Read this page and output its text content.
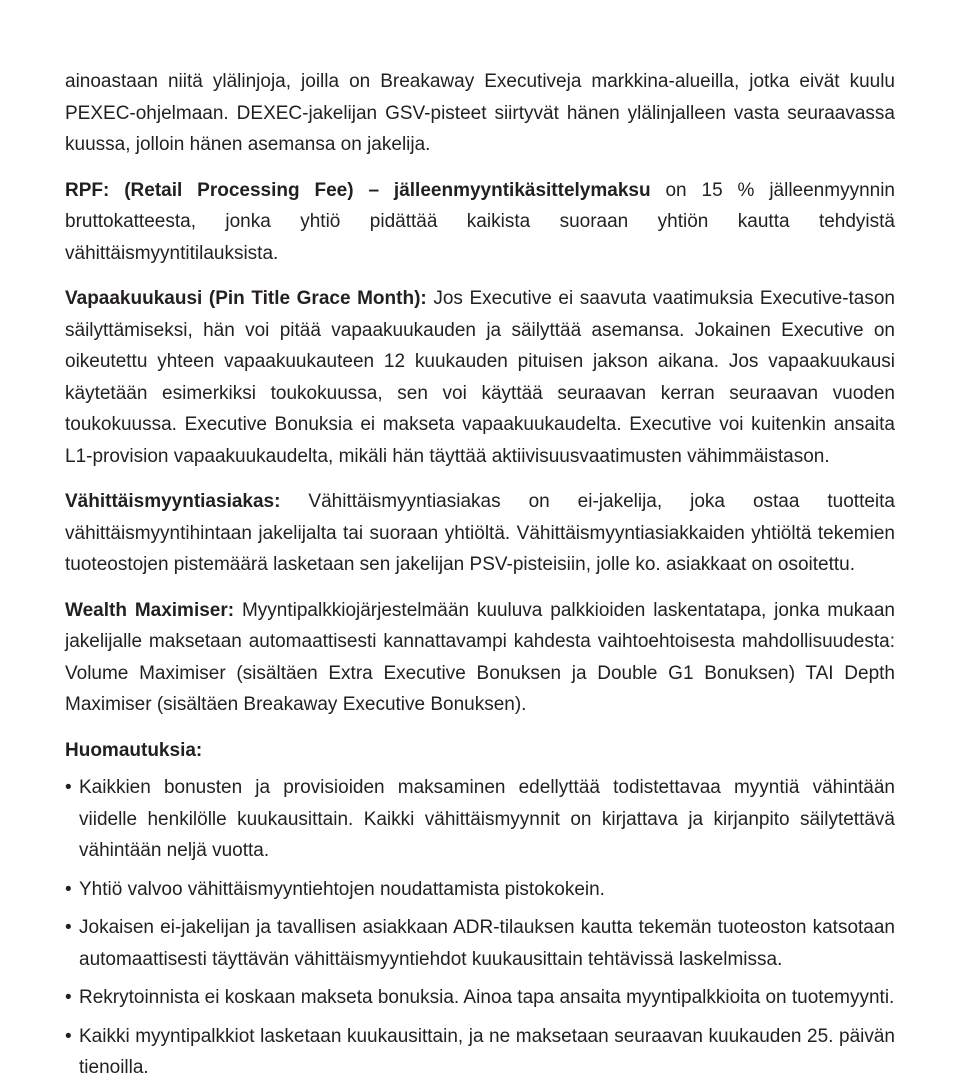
ainoastaan niitä ylälinjoja, joilla on Breakaway Executiveja markkina-alueilla, jotka eivät kuulu PEXEC-ohjelmaan. DEXEC-jakelijan GSV-pisteet siirtyvät hänen ylälinjalleen vasta seuraavassa kuussa, jolloin hänen asemansa on jakelija.

RPF: (Retail Processing Fee) – jälleenmyyntikäsittelymaksu on 15 % jälleenmyynnin bruttokatteesta, jonka yhtiö pidättää kaikista suoraan yhtiön kautta tehdyistä vähittäismyyntitilauksista.

Vapaakuukausi (Pin Title Grace Month): Jos Executive ei saavuta vaatimuksia Executive-tason säilyttämiseksi, hän voi pitää vapaakuukauden ja säilyttää asemansa. Jokainen Executive on oikeutettu yhteen vapaakuukauteen 12 kuukauden pituisen jakson aikana. Jos vapaakuukausi käytetään esimerkiksi toukokuussa, sen voi käyttää seuraavan kerran seuraavan vuoden toukokuussa. Executive Bonuksia ei makseta vapaakuukaudelta. Executive voi kuitenkin ansaita L1-provision vapaakuukaudelta, mikäli hän täyttää aktiivisuusvaatimusten vähimmäistason.

Vähittäismyyntiasiakas: Vähittäismyyntiasiakas on ei-jakelija, joka ostaa tuotteita vähittäismyyntihintaan jakelijalta tai suoraan yhtiöltä. Vähittäismyyntiasiakkaiden yhtiöltä tekemien tuoteostojen pistemäärä lasketaan sen jakelijan PSV-pisteisiin, jolle ko. asiakkaat on osoitettu.

Wealth Maximiser: Myyntipalkkiojärjestelmään kuuluva palkkioiden laskentatapa, jonka mukaan jakelijalle maksetaan automaattisesti kannattavampi kahdesta vaihtoehtoisesta mahdollisuudesta: Volume Maximiser (sisältäen Extra Executive Bonuksen ja Double G1 Bonuksen) TAI Depth Maximiser (sisältäen Breakaway Executive Bonuksen).

Huomautuksia:

• Kaikkien bonusten ja provisioiden maksaminen edellyttää todistettavaa myyntiä vähintään viidelle henkilölle kuukausittain. Kaikki vähittäismyynnit on kirjattava ja kirjanpito säilytettävä vähintään neljä vuotta.
• Yhtiö valvoo vähittäismyyntiehtojen noudattamista pistokokein.
• Jokaisen ei-jakelijan ja tavallisen asiakkaan ADR-tilauksen kautta tekemän tuoteoston katsotaan automaattisesti täyttävän vähittäismyyntiehdot kuukausittain tehtävissä laskelmissa.
• Rekrytoinnista ei koskaan makseta bonuksia. Ainoa tapa ansaita myyntipalkkioita on tuotemyynti.
• Kaikki myyntipalkkiot lasketaan kuukausittain, ja ne maksetaan seuraavan kuukauden 25. päivän tienoilla.
